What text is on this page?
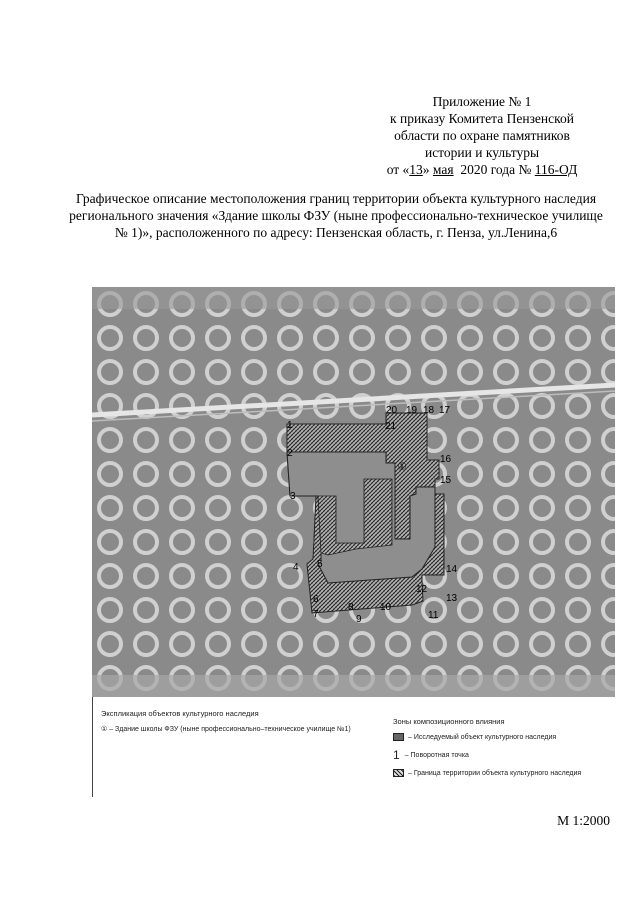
Приложение № 1
к приказу Комитета Пензенской
области по охране памятников
истории и культуры
от «13» мая  2020 года № 116-ОД
Графическое описание местоположения границ территории объекта культурного наследия регионального значения «Здание школы ФЗУ (ныне профессионально-техническое училище № 1)», расположенного по адресу: Пензенская область, г. Пенза, ул.Ленина,6
1
2
3
4 5
6
7
8
9
10
11
12
13
14
15
16
17
18
19
20
21
①
Экспликация объектов культурного наследия
① – Здание школы ФЗУ (ныне профессионально–техническое училище №1)
Зоны композиционного влияния
– Исследуемый объект культурного наследия
1 – Поворотная точка
– Граница территории объекта культурного наследия
М 1:2000
